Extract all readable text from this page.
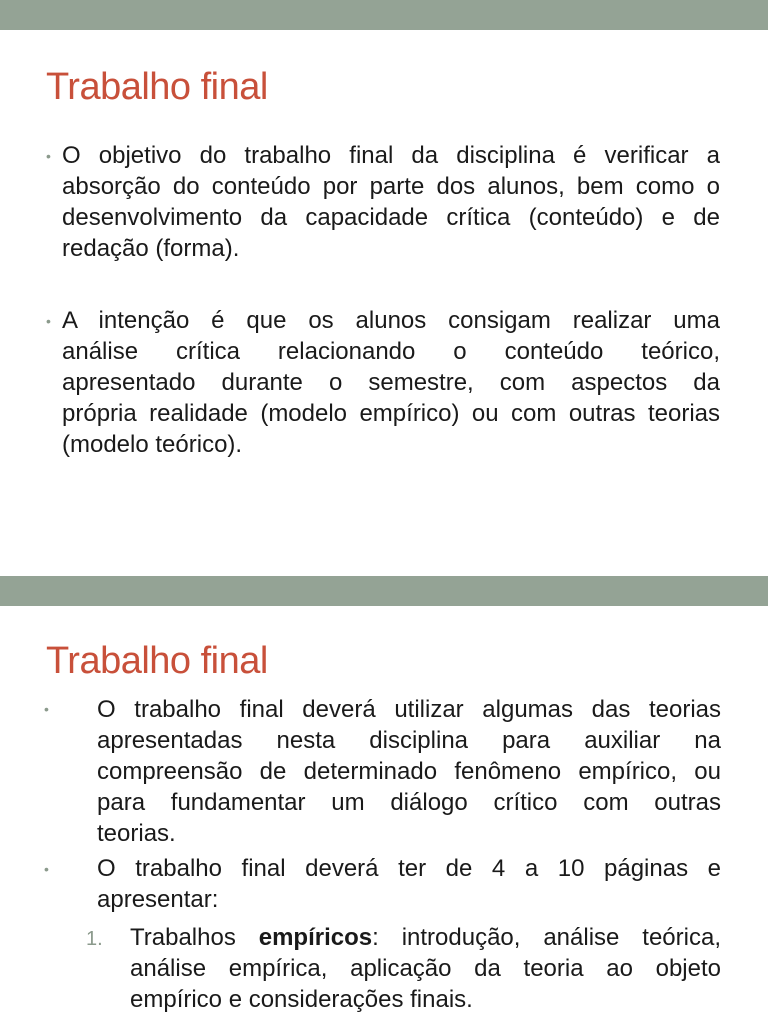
Trabalho final
• O objetivo do trabalho final da disciplina é verificar a
absorção do conteúdo por parte dos alunos, bem como o
desenvolvimento da capacidade crítica (conteúdo) e de
redação (forma).
• A intenção é que os alunos consigam realizar uma
análise crítica relacionando o conteúdo teórico,
apresentado durante o semestre, com aspectos da
própria realidade (modelo empírico) ou com outras teorias
(modelo teórico).
Trabalho final
• O trabalho final deverá utilizar algumas das teorias
apresentadas nesta disciplina para auxiliar na
compreensão de determinado fenômeno empírico, ou
para fundamentar um diálogo crítico com outras
teorias.
• O trabalho final deverá ter de 4 a 10 páginas e
apresentar:
1. Trabalhos empíricos: introdução, análise teórica,
análise empírica, aplicação da teoria ao objeto
empírico e considerações finais.
